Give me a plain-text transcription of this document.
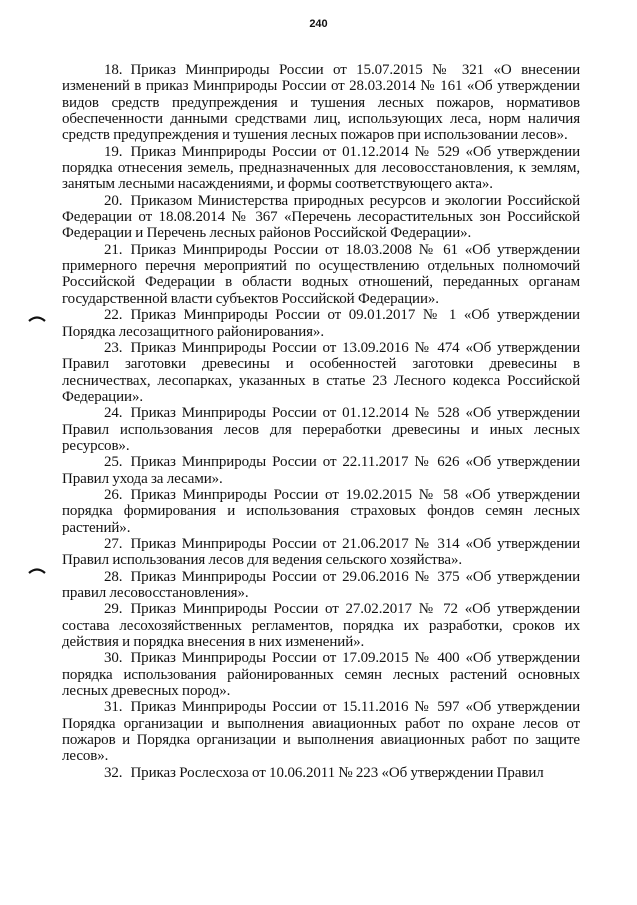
240

18. Приказ Минприроды России от 15.07.2015 № 321 «О внесении изменений в приказ Минприроды России от 28.03.2014 № 161 «Об утверждении видов средств предупреждения и тушения лесных пожаров, нормативов обеспеченности данными средствами лиц, использующих леса, норм наличия средств предупреждения и тушения лесных пожаров при использовании лесов».

19. Приказ Минприроды России от 01.12.2014 № 529 «Об утверждении порядка отнесения земель, предназначенных для лесовосстановления, к землям, занятым лесными насаждениями, и формы соответствующего акта».

20. Приказом Министерства природных ресурсов и экологии Российской Федерации от 18.08.2014 № 367 «Перечень лесорастительных зон Российской Федерации и Перечень лесных районов Российской Федерации».

21. Приказ Минприроды России от 18.03.2008 № 61 «Об утверждении примерного перечня мероприятий по осуществлению отдельных полномочий Российской Федерации в области водных отношений, переданных органам государственной власти субъектов Российской Федерации».

22. Приказ Минприроды России от 09.01.2017 № 1 «Об утверждении Порядка лесозащитного районирования».

23. Приказ Минприроды России от 13.09.2016 № 474 «Об утверждении Правил заготовки древесины и особенностей заготовки древесины в лесничествах, лесопарках, указанных в статье 23 Лесного кодекса Российской Федерации».

24. Приказ Минприроды России от 01.12.2014 № 528 «Об утверждении Правил использования лесов для переработки древесины и иных лесных ресурсов».

25. Приказ Минприроды России от 22.11.2017 № 626 «Об утверждении Правил ухода за лесами».

26. Приказ Минприроды России от 19.02.2015 № 58 «Об утверждении порядка формирования и использования страховых фондов семян лесных растений».

27. Приказ Минприроды России от 21.06.2017 № 314 «Об утверждении Правил использования лесов для ведения сельского хозяйства».

28. Приказ Минприроды России от 29.06.2016 № 375 «Об утверждении правил лесовосстановления».

29. Приказ Минприроды России от 27.02.2017 № 72 «Об утверждении состава лесохозяйственных регламентов, порядка их разработки, сроков их действия и порядка внесения в них изменений».

30. Приказ Минприроды России от 17.09.2015 № 400 «Об утверждении порядка использования районированных семян лесных растений основных лесных древесных пород».

31. Приказ Минприроды России от 15.11.2016 № 597 «Об утверждении Порядка организации и выполнения авиационных работ по охране лесов от пожаров и Порядка организации и выполнения авиационных работ по защите лесов».

32. Приказ Рослесхоза от 10.06.2011 № 223 «Об утверждении Правил
